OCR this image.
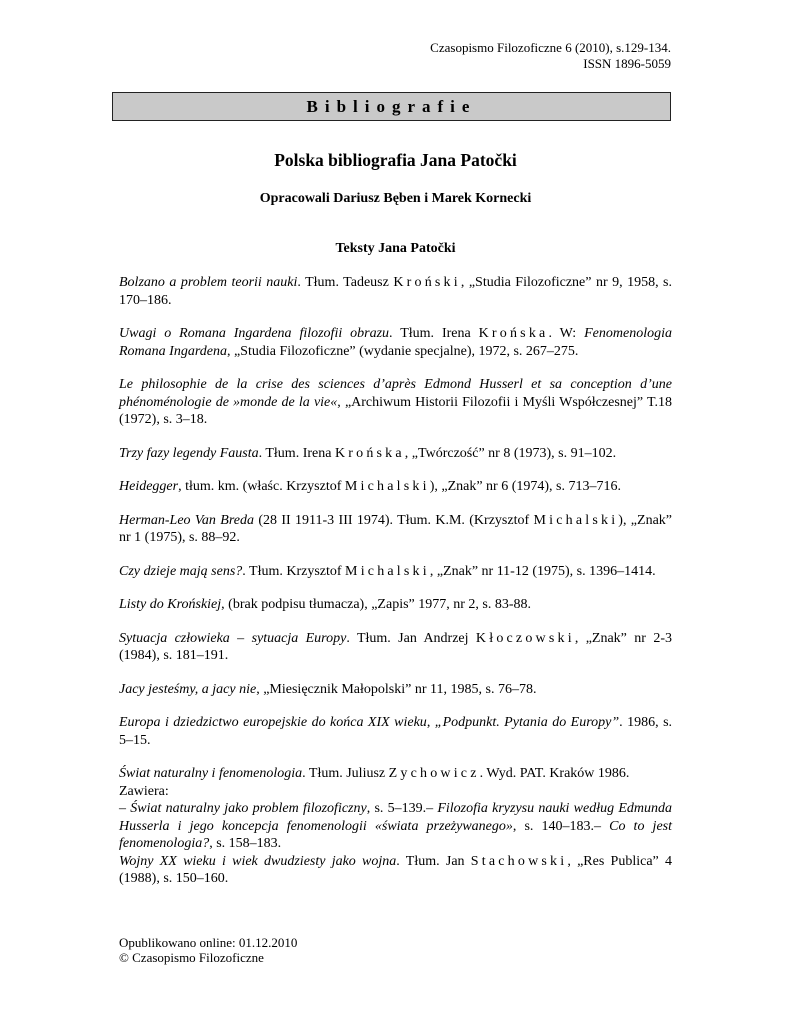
Czasopismo Filozoficzne 6 (2010), s.129-134.
ISSN 1896-5059
Bibliografie
Polska bibliografia Jana Patočki
Opracowali Dariusz Bęben i Marek Kornecki
Teksty Jana Patočki

Bolzano a problem teorii nauki. Tłum. Tadeusz Kroński, „Studia Filozoficzne” nr 9, 1958, s. 170–186.

Uwagi o Romana Ingardena filozofii obrazu. Tłum. Irena Krońska. W: Fenomenologia Romana Ingardena, „Studia Filozoficzne” (wydanie specjalne), 1972, s. 267–275.

Le philosophie de la crise des sciences d’après Edmond Husserl et sa conception d’une phénoménologie de »monde de la vie«, „Archiwum Historii Filozofii i Myśli Współczesnej” T.18 (1972), s. 3–18.

Trzy fazy legendy Fausta. Tłum. Irena Krońska, „Twórczość” nr 8 (1973), s. 91–102.

Heidegger, tłum. km. (właśc. Krzysztof Michalski), „Znak” nr 6 (1974), s. 713–716.

Herman-Leo Van Breda (28 II 1911-3 III 1974). Tłum. K.M. (Krzysztof Michalski), „Znak” nr 1 (1975), s. 88–92.

Czy dzieje mają sens?. Tłum. Krzysztof Michalski, „Znak” nr 11-12 (1975), s. 1396–1414.

Listy do Krońskiej, (brak podpisu tłumacza), „Zapis” 1977, nr 2, s. 83-88.

Sytuacja człowieka – sytuacja Europy. Tłum. Jan Andrzej Kłoczowski, „Znak” nr 2-3 (1984), s. 181–191.

Jacy jesteśmy, a jacy nie, „Miesięcznik Małopolski” nr 11, 1985, s. 76–78.

Europa i dziedzictwo europejskie do końca XIX wieku, „Podpunkt. Pytania do Europy”. 1986, s. 5–15.

Świat naturalny i fenomenologia. Tłum. Juliusz Zychowicz. Wyd. PAT. Kraków 1986.

Zawiera:

– Świat naturalny jako problem filozoficzny, s. 5–139.– Filozofia kryzysu nauki według Edmunda Husserla i jego koncepcja fenomenologii «świata przeżywanego», s. 140–183.– Co to jest fenomenologia?, s. 158–183.

Wojny XX wieku i wiek dwudziesty jako wojna. Tłum. Jan Stachowski, „Res Publica” 4 (1988), s. 150–160.

Opublikowano online: 01.12.2010
© Czasopismo Filozoficzne
